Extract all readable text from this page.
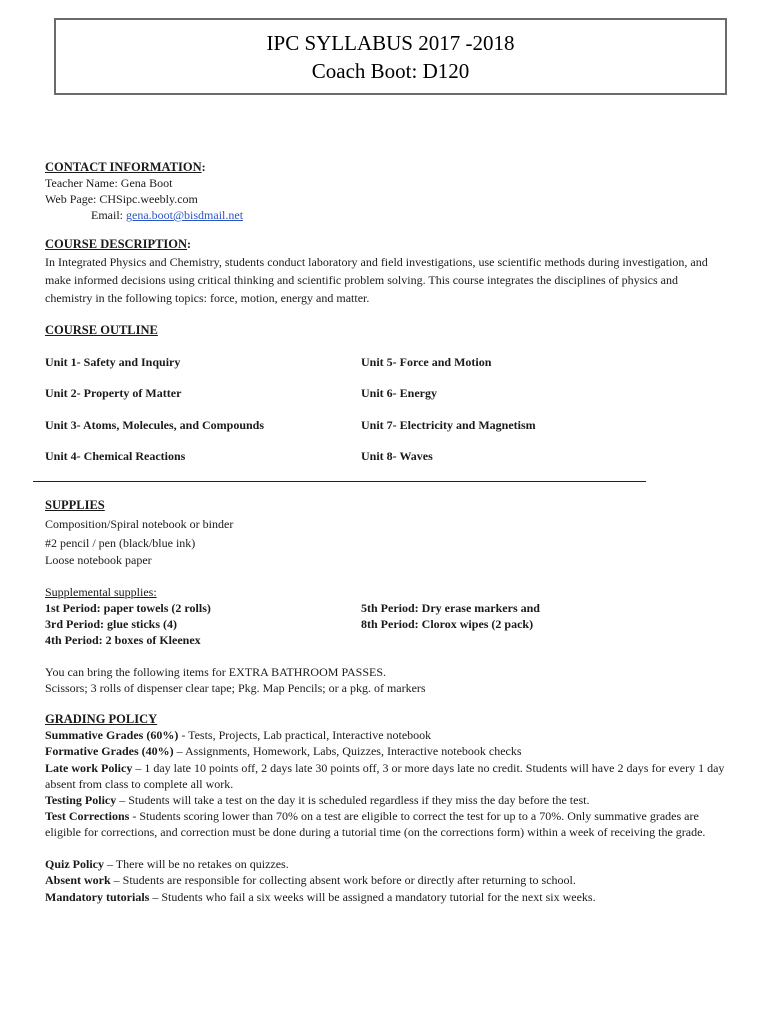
IPC SYLLABUS 2017 -2018
Coach Boot: D120
CONTACT INFORMATION:
Teacher Name: Gena Boot
Web Page: CHSipc.weebly.com
Email: gena.boot@bisdmail.net
COURSE DESCRIPTION:
In Integrated Physics and Chemistry, students conduct laboratory and field investigations, use scientific methods during investigation, and make informed decisions using critical thinking and scientific problem solving. This course integrates the disciplines of physics and chemistry in the following topics: force, motion, energy and matter.
COURSE OUTLINE
Unit 1- Safety and Inquiry
Unit 2- Property of Matter
Unit 3- Atoms, Molecules, and Compounds
Unit 4- Chemical Reactions
Unit 5- Force and Motion
Unit 6- Energy
Unit 7- Electricity and Magnetism
Unit 8- Waves
SUPPLIES
Composition/Spiral notebook or binder
#2 pencil / pen (black/blue ink)
Loose notebook paper
Supplemental supplies:
1st Period: paper towels (2 rolls)
3rd Period: glue sticks (4)
4th Period: 2 boxes of Kleenex
5th Period: Dry erase markers and
8th Period: Clorox wipes (2 pack)
You can bring the following items for EXTRA BATHROOM PASSES.
Scissors; 3 rolls of dispenser clear tape; Pkg. Map Pencils; or a pkg. of markers
GRADING POLICY
Summative Grades (60%) - Tests, Projects, Lab practical, Interactive notebook
Formative Grades (40%) – Assignments, Homework, Labs, Quizzes, Interactive notebook checks
Late work Policy – 1 day late 10 points off, 2 days late 30 points off, 3 or more days late no credit. Students will have 2 days for every 1 day absent from class to complete all work.
Testing Policy – Students will take a test on the day it is scheduled regardless if they miss the day before the test.
Test Corrections - Students scoring lower than 70% on a test are eligible to correct the test for up to a 70%. Only summative grades are eligible for corrections, and correction must be done during a tutorial time (on the corrections form) within a week of receiving the grade.
Quiz Policy – There will be no retakes on quizzes.
Absent work – Students are responsible for collecting absent work before or directly after returning to school.
Mandatory tutorials – Students who fail a six weeks will be assigned a mandatory tutorial for the next six weeks.
